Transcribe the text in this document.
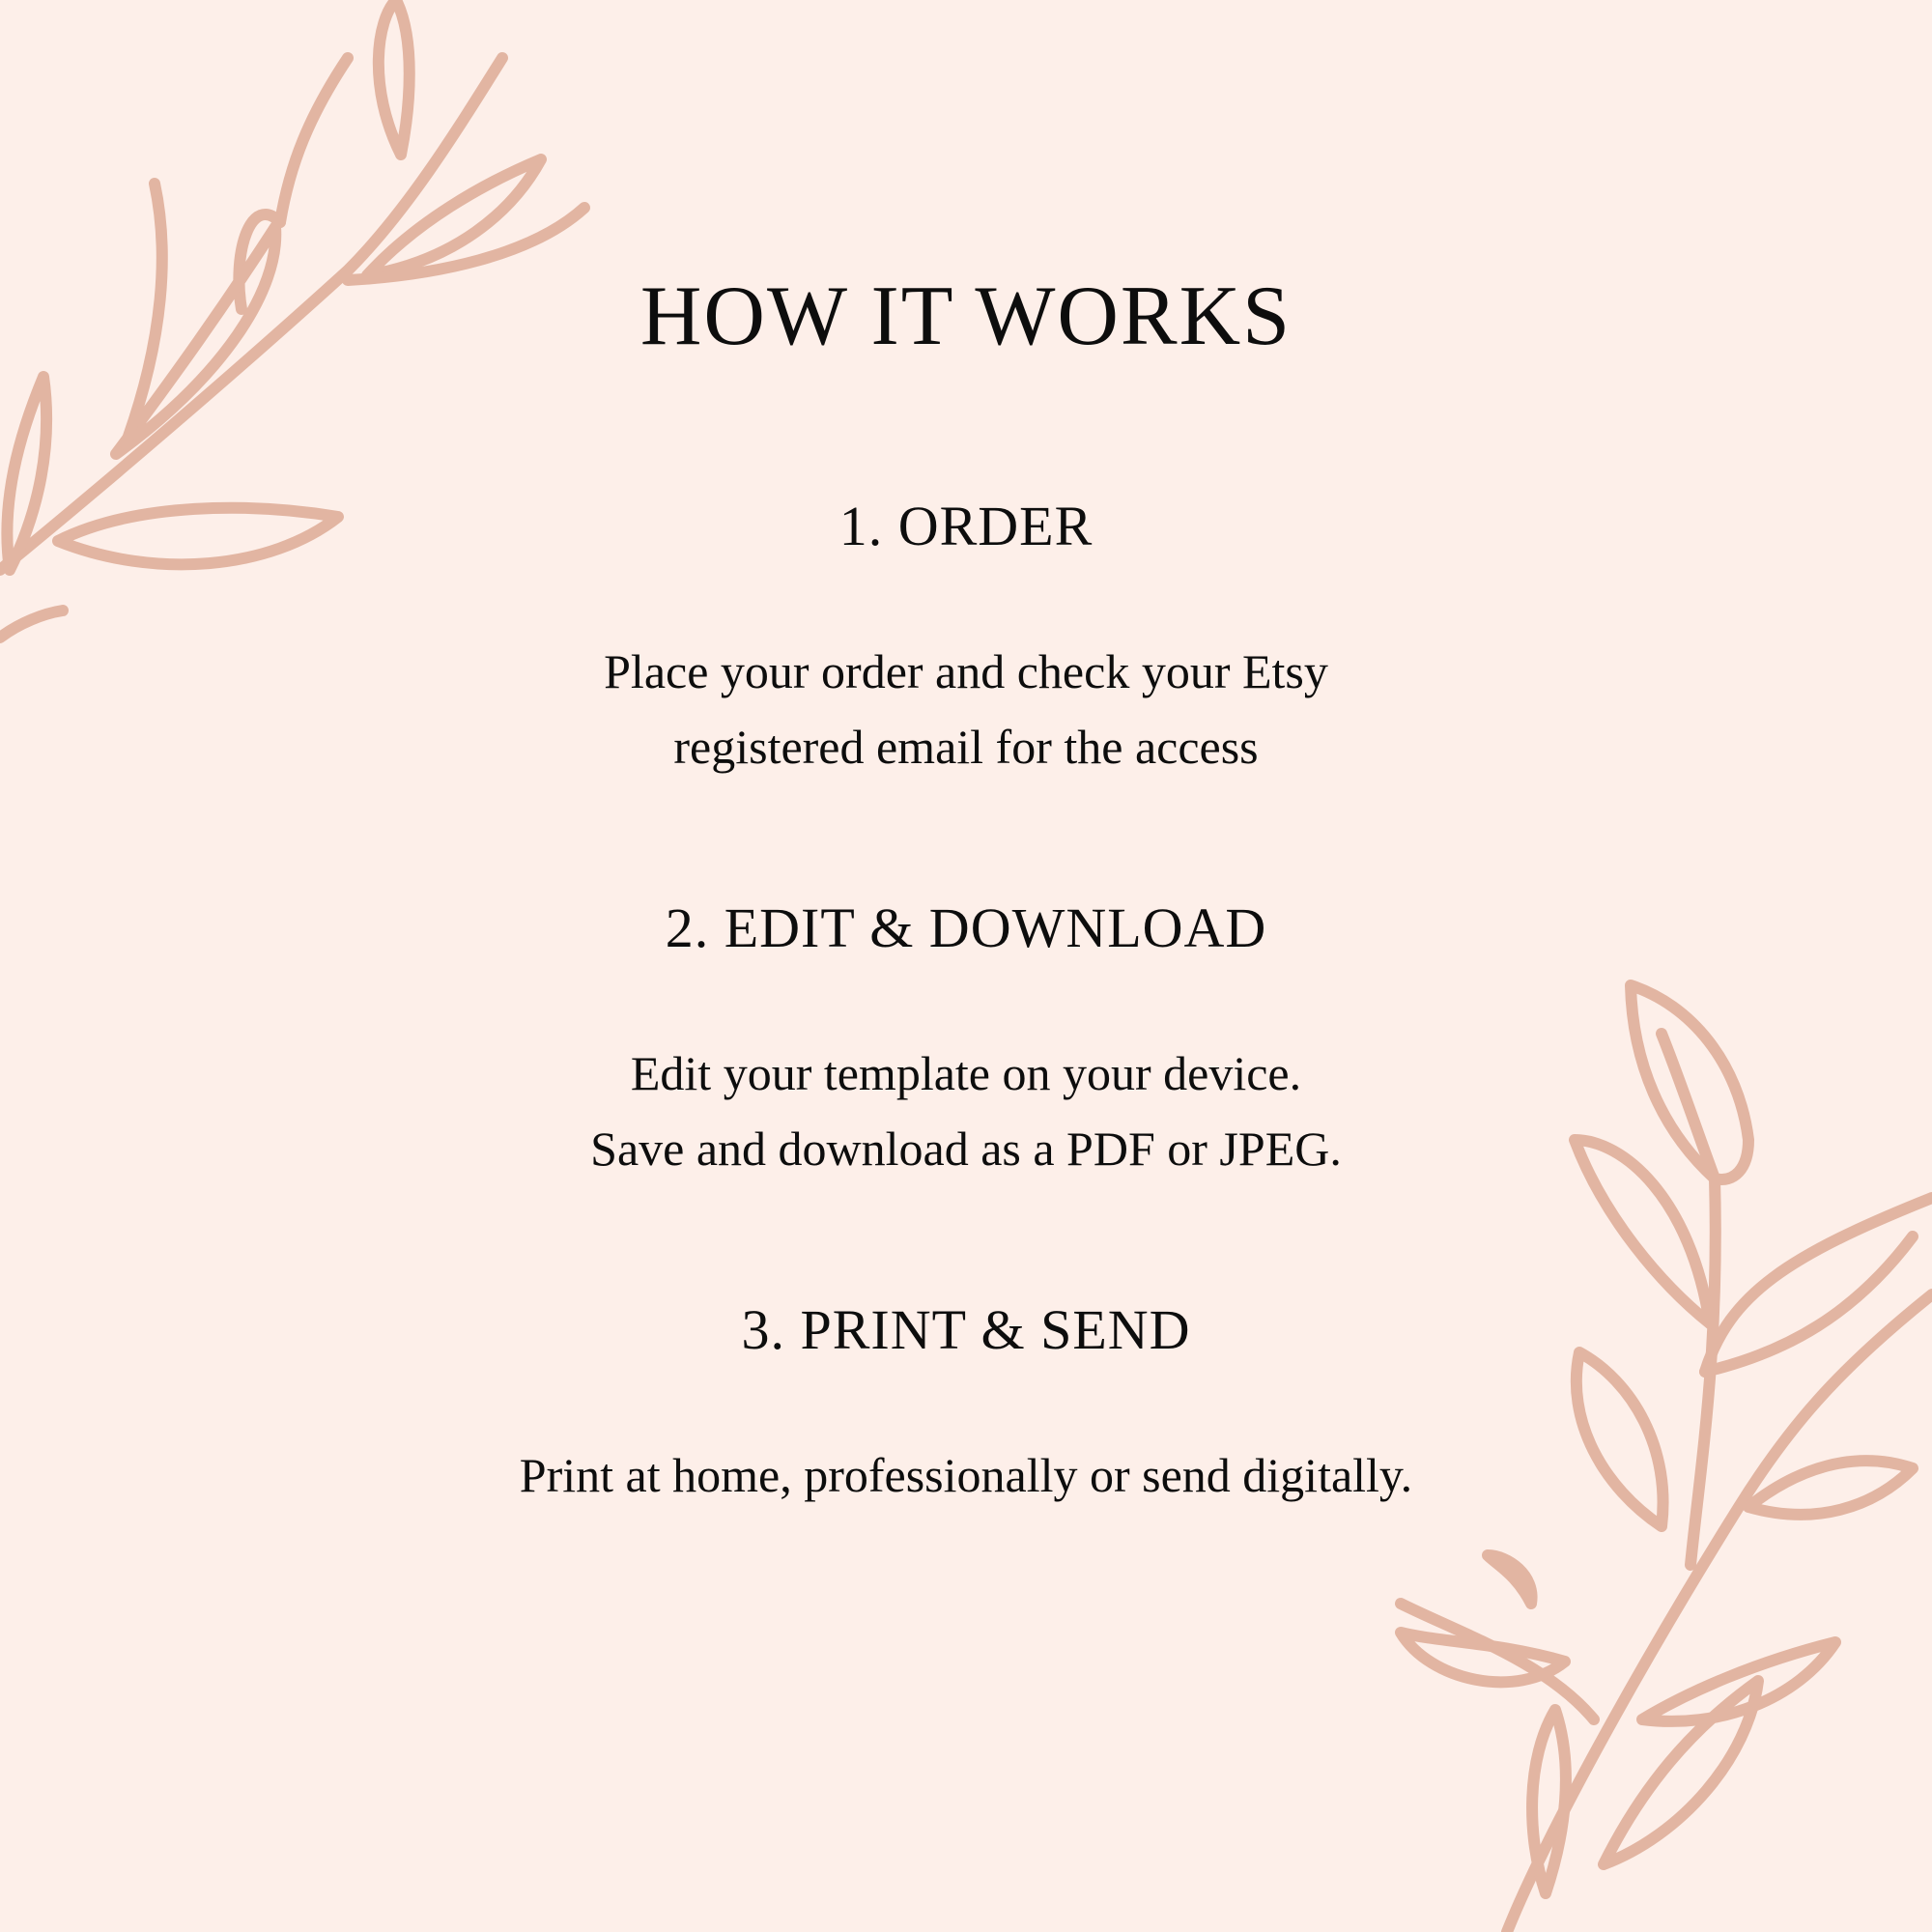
HOW IT WORKS
1. ORDER

Place your order and check your Etsy
registered email for the access

2. EDIT & DOWNLOAD

Edit your template on your device.
Save and download as a PDF or JPEG.

3. PRINT & SEND

Print at home, professionally or send digitally.
